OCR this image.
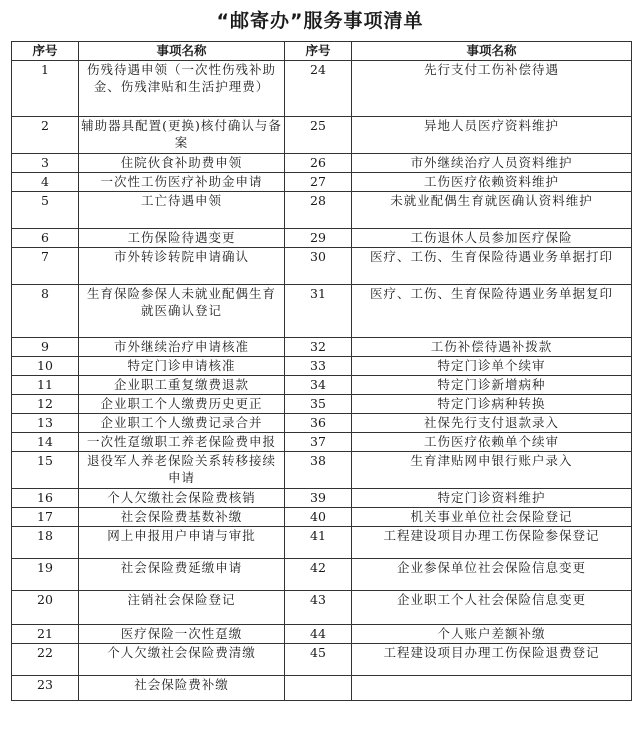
“邮寄办”服务事项清单
序号	事项名称	序号	事项名称
1	伤残待遇申领（一次性伤残补助金、伤残津贴和生活护理费）	24	先行支付工伤补偿待遇
2	辅助器具配置(更换)核付确认与备案	25	异地人员医疗资料维护
3	住院伙食补助费申领	26	市外继续治疗人员资料维护
4	一次性工伤医疗补助金申请	27	工伤医疗依赖资料维护
5	工亡待遇申领	28	未就业配偶生育就医确认资料维护
6	工伤保险待遇变更	29	工伤退休人员参加医疗保险
7	市外转诊转院申请确认	30	医疗、工伤、生育保险待遇业务单据打印
8	生育保险参保人未就业配偶生育就医确认登记	31	医疗、工伤、生育保险待遇业务单据复印
9	市外继续治疗申请核准	32	工伤补偿待遇补拨款
10	特定门诊申请核准	33	特定门诊单个续审
11	企业职工重复缴费退款	34	特定门诊新增病种
12	企业职工个人缴费历史更正	35	特定门诊病种转换
13	企业职工个人缴费记录合并	36	社保先行支付退款录入
14	一次性趸缴职工养老保险费申报	37	工伤医疗依赖单个续审
15	退役军人养老保险关系转移接续申请	38	生育津贴网申银行账户录入
16	个人欠缴社会保险费核销	39	特定门诊资料维护
17	社会保险费基数补缴	40	机关事业单位社会保险登记
18	网上申报用户申请与审批	41	工程建设项目办理工伤保险参保登记
19	社会保险费延缴申请	42	企业参保单位社会保险信息变更
20	注销社会保险登记	43	企业职工个人社会保险信息变更
21	医疗保险一次性趸缴	44	个人账户差额补缴
22	个人欠缴社会保险费清缴	45	工程建设项目办理工伤保险退费登记
23	社会保险费补缴		
